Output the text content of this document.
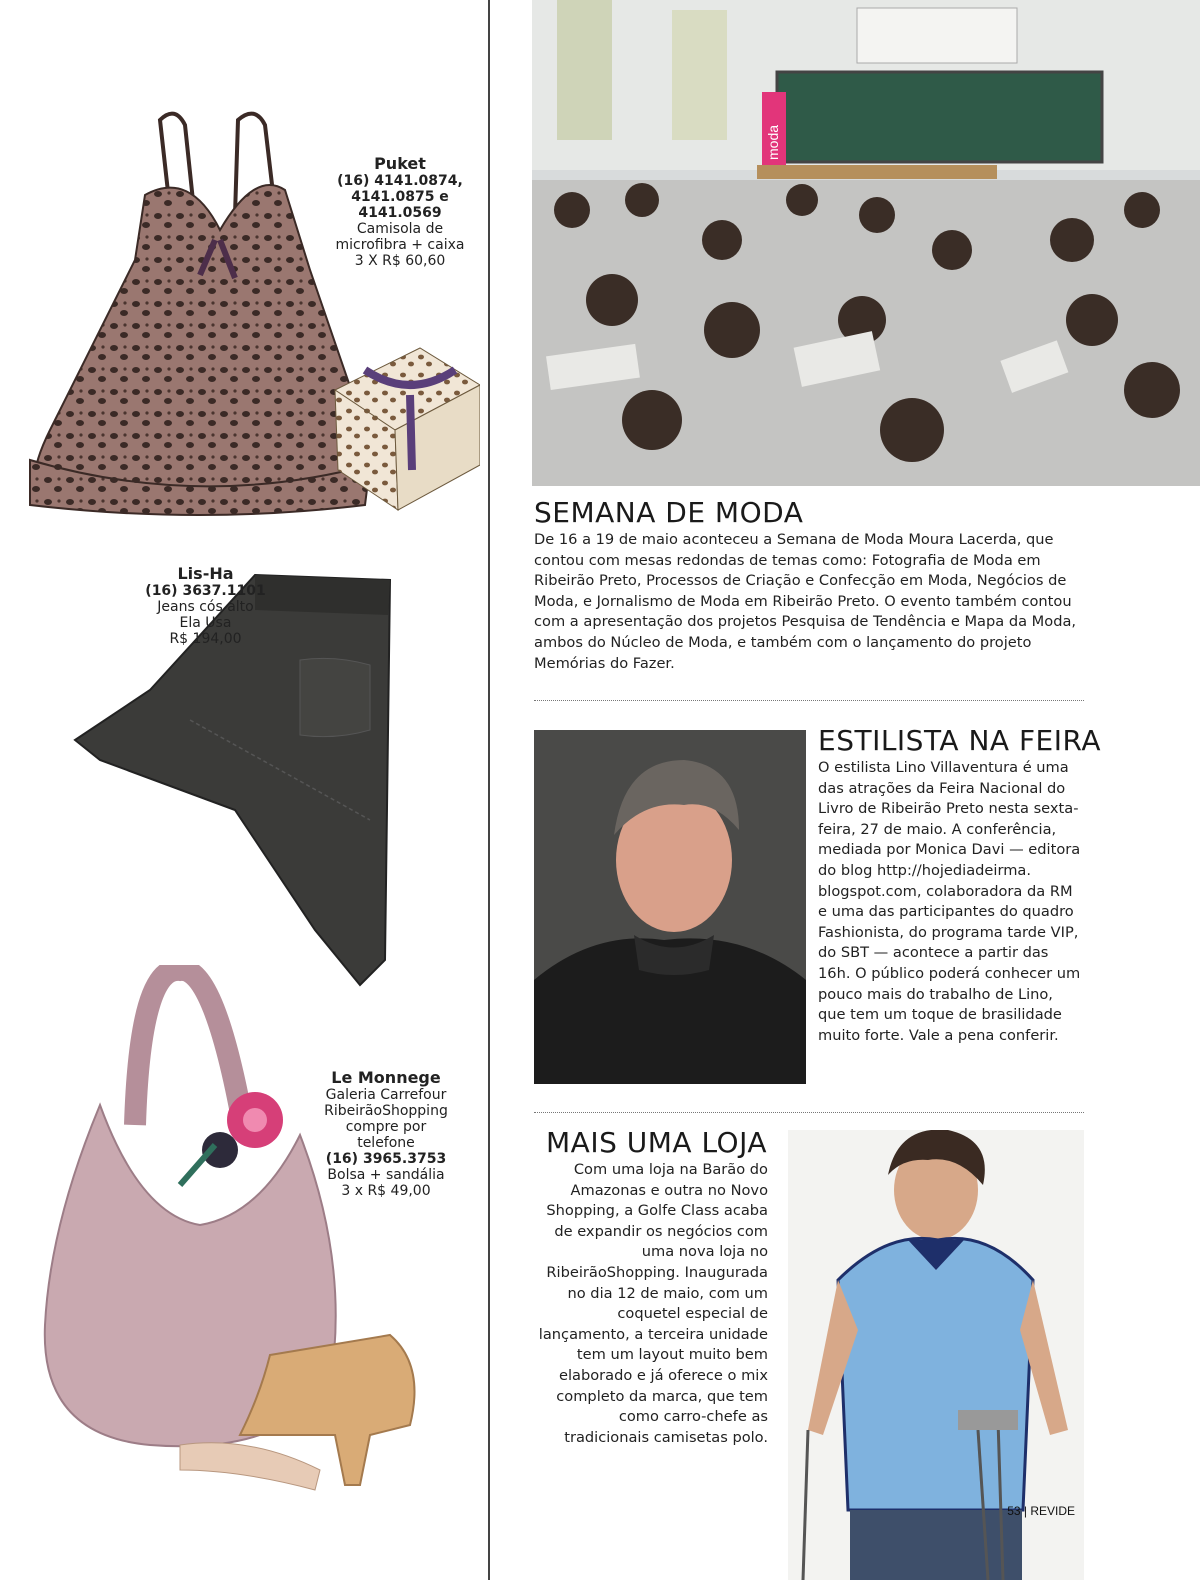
Puket
(16) 4141.0874,
4141.0875 e
4141.0569
Camisola de
microfibra + caixa
3 X R$ 60,60
Lis-Ha
(16) 3637.1101
Jeans cós alto
Ela Usa
R$ 194,00
Le Monnege
Galeria Carrefour
RibeirãoShopping
compre por
telefone
(16) 3965.3753
Bolsa + sandália
3 x R$ 49,00
moda
SEMANA DE MODA

De 16 a 19 de maio aconteceu a Semana de Moda Moura Lacerda, que contou com mesas redondas de temas como: Fotografia de Moda em Ribeirão Preto, Processos de Criação e Confecção em Moda, Negócios de Moda, e Jornalismo de Moda em Ribeirão Preto. O evento também contou com a apresentação dos projetos Pesquisa de Tendência e Mapa da Moda, ambos do Núcleo de Moda, e também com o lançamento do projeto Memórias do Fazer.

ESTILISTA NA FEIRA

O estilista Lino Villaventura é uma das atrações da Feira Nacional do Livro de Ribeirão Preto nesta sexta-feira, 27 de maio. A conferência, mediada por Monica Davi — editora do blog http://hojediadeirma. blogspot.com, colaboradora da RM e uma das participantes do quadro Fashionista, do programa tarde VIP, do SBT — acontece a partir das 16h. O público poderá conhecer um pouco mais do trabalho de Lino, que tem um toque de brasilidade muito forte. Vale a pena conferir.

MAIS UMA LOJA

Com uma loja na Barão do Amazonas e outra no Novo Shopping, a Golfe Class acaba de expandir os negócios com uma nova loja no RibeirãoShopping. Inaugurada no dia 12 de maio, com um coquetel especial de lançamento, a terceira unidade tem um layout muito bem elaborado e já oferece o mix completo da marca, que tem como carro-chefe as tradicionais camisetas polo.

53 | REVIDE
